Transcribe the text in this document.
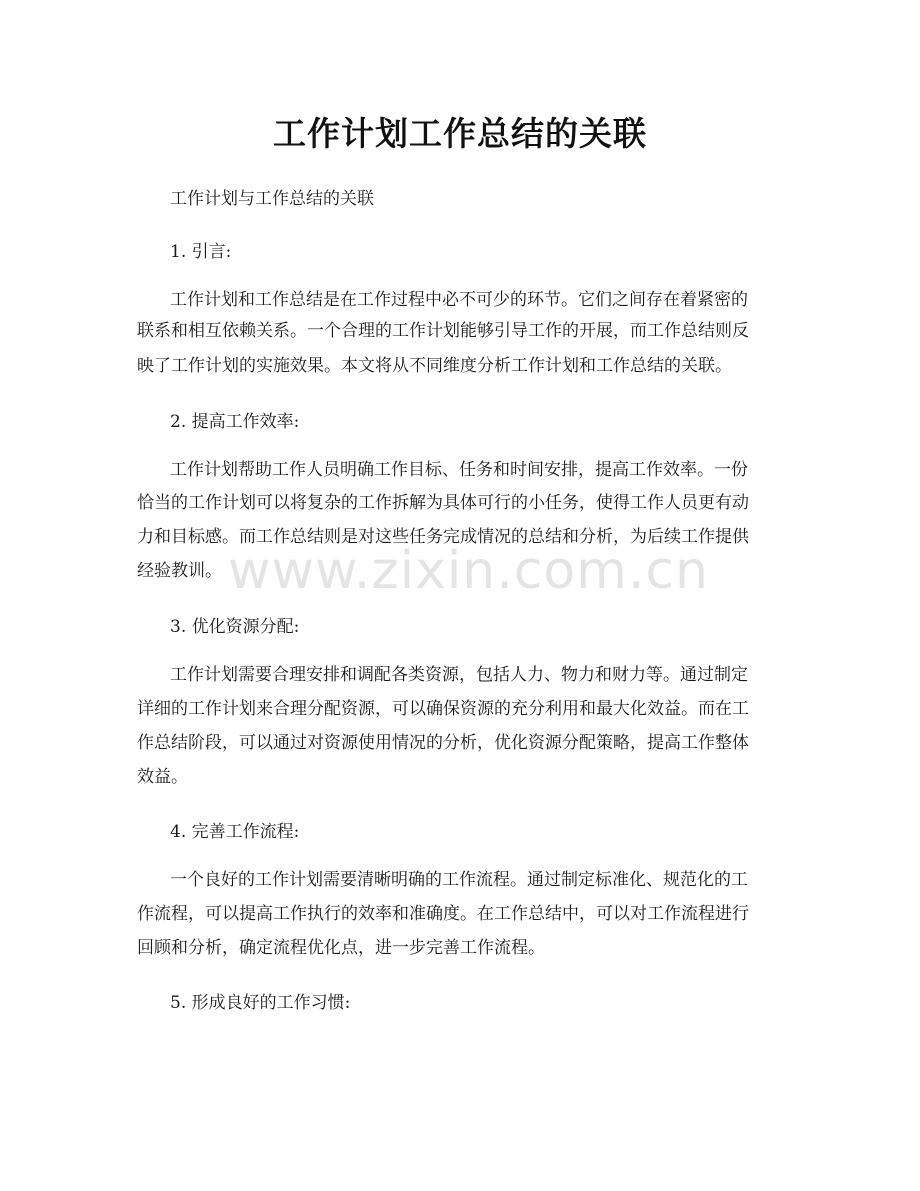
工作计划工作总结的关联
工作计划与工作总结的关联
1. 引言:
工作计划和工作总结是在工作过程中必不可少的环节。它们之间存在着紧密的
联系和相互依赖关系。一个合理的工作计划能够引导工作的开展，而工作总结则反
映了工作计划的实施效果。本文将从不同维度分析工作计划和工作总结的关联。
2. 提高工作效率:
工作计划帮助工作人员明确工作目标、任务和时间安排，提高工作效率。一份
恰当的工作计划可以将复杂的工作拆解为具体可行的小任务，使得工作人员更有动
力和目标感。而工作总结则是对这些任务完成情况的总结和分析，为后续工作提供
经验教训。
3. 优化资源分配:
工作计划需要合理安排和调配各类资源，包括人力、物力和财力等。通过制定
详细的工作计划来合理分配资源，可以确保资源的充分利用和最大化效益。而在工
作总结阶段，可以通过对资源使用情况的分析，优化资源分配策略，提高工作整体
效益。
4. 完善工作流程:
一个良好的工作计划需要清晰明确的工作流程。通过制定标准化、规范化的工
作流程，可以提高工作执行的效率和准确度。在工作总结中，可以对工作流程进行
回顾和分析，确定流程优化点，进一步完善工作流程。
5. 形成良好的工作习惯:
www.zixin.com.cn
